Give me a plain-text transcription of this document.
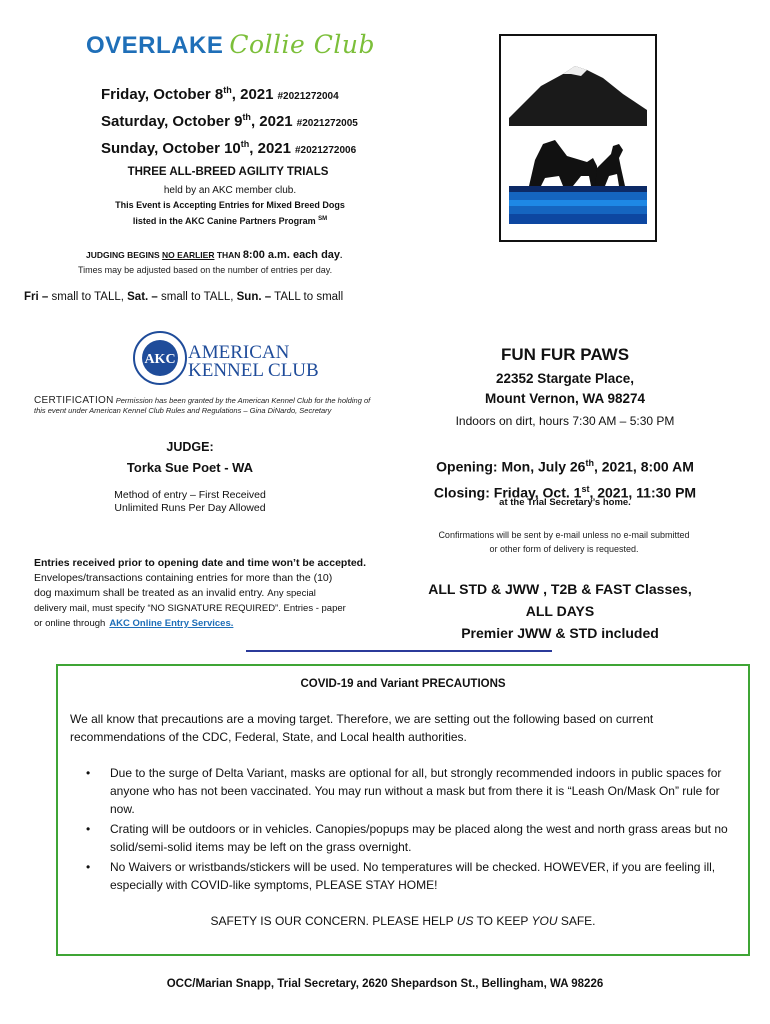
OVERLAKE Collie Club
Friday, October 8th, 2021 #2021272004
Saturday, October 9th, 2021 #2021272005
Sunday, October 10th, 2021 #2021272006
THREE ALL-BREED AGILITY TRIALS
held by an AKC member club.
This Event is Accepting Entries for Mixed Breed Dogs
listed in the AKC Canine Partners Program ℠
JUDGING BEGINS NO EARLIER THAN 8:00 a.m. each day.
Times may be adjusted based on the number of entries per day.
Fri – small to TALL, Sat. – small to TALL, Sun. – TALL to small
AKC AMERICAN
KENNEL CLUB
CERTIFICATION Permission has been granted by the American Kennel Club for the holding of this event under American Kennel Club Rules and Regulations – Gina DiNardo, Secretary
JUDGE:
Torka Sue Poet - WA
Method of entry – First Received
Unlimited Runs Per Day Allowed
Entries received prior to opening date and time won’t be accepted.
Envelopes/transactions containing entries for more than the (10)
dog maximum shall be treated as an invalid entry. Any special
delivery mail, must specify “NO SIGNATURE REQUIRED”. Entries - paper
or online through AKC Online Entry Services.
FUN FUR PAWS
22352 Stargate Place,
Mount Vernon, WA 98274
Indoors on dirt, hours 7:30 AM – 5:30 PM
Opening: Mon, July 26th, 2021, 8:00 AM
Closing: Friday, Oct. 1st, 2021, 11:30 PM
at the Trial Secretary’s home.
Confirmations will be sent by e-mail unless no e-mail submitted
or other form of delivery is requested.
ALL STD & JWW , T2B & FAST Classes,
ALL DAYS
Premier JWW & STD included
COVID-19 and Variant PRECAUTIONS
We all know that precautions are a moving target. Therefore, we are setting out the following based on current recommendations of the CDC, Federal, State, and Local health authorities.
• Due to the surge of Delta Variant, masks are optional for all, but strongly recommended indoors in public spaces for anyone who has not been vaccinated. You may run without a mask but from there it is “Leash On/Mask On” rule for now.
• Crating will be outdoors or in vehicles. Canopies/popups may be placed along the west and north grass areas but no solid/semi-solid items may be left on the grass overnight.
• No Waivers or wristbands/stickers will be used. No temperatures will be checked. HOWEVER, if you are feeling ill, especially with COVID-like symptoms, PLEASE STAY HOME!
SAFETY IS OUR CONCERN. PLEASE HELP US TO KEEP YOU SAFE.
OCC/Marian Snapp, Trial Secretary, 2620 Shepardson St., Bellingham, WA 98226
